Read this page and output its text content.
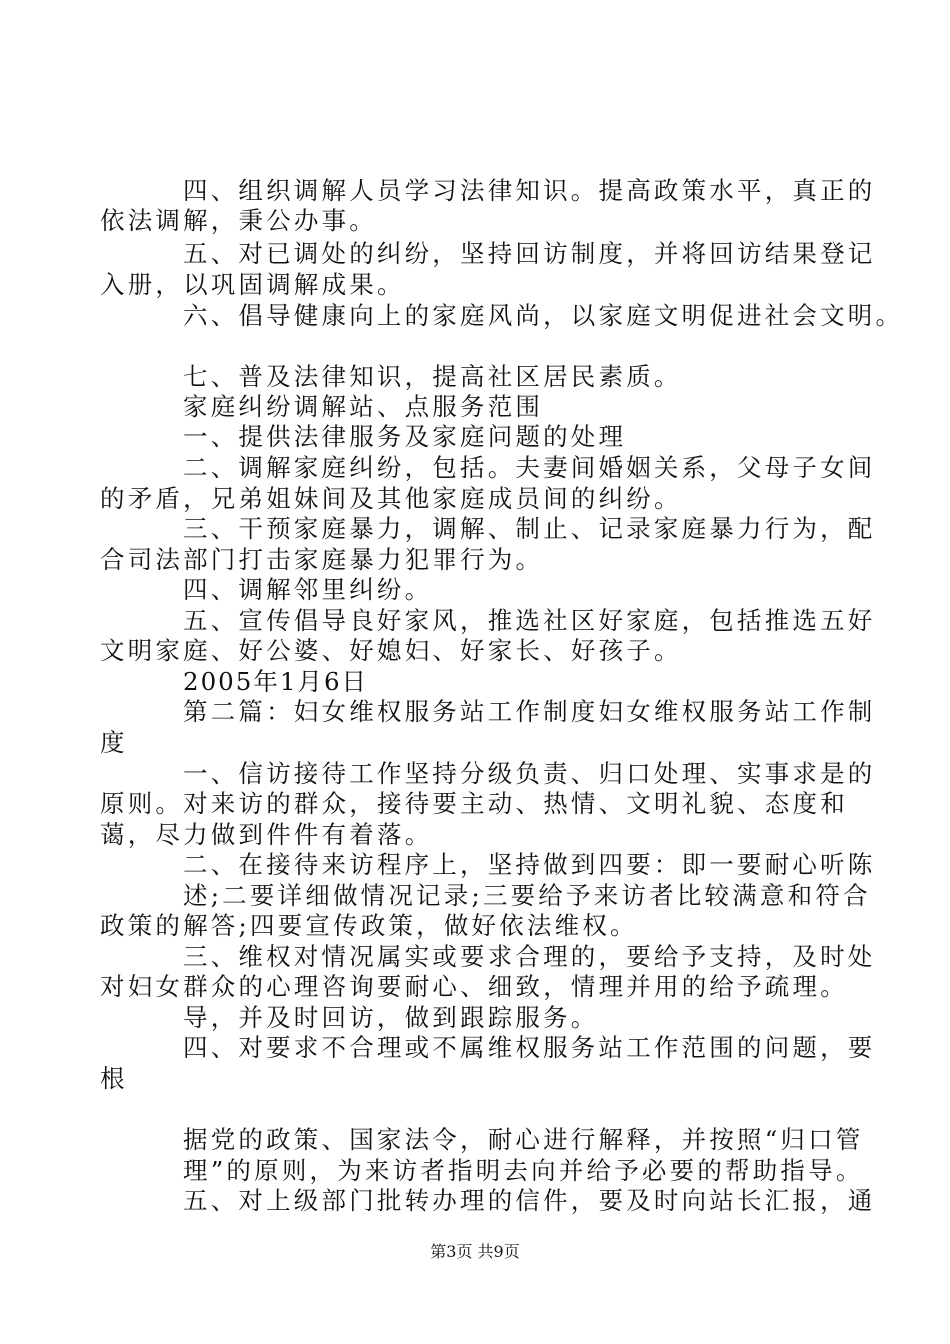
四、组织调解人员学习法律知识。提高政策水平，真正的
依法调解，秉公办事。
五、对已调处的纠纷，坚持回访制度，并将回访结果登记
入册，以巩固调解成果。
六、倡导健康向上的家庭风尚，以家庭文明促进社会文明。
七、普及法律知识，提高社区居民素质。
家庭纠纷调解站、点服务范围
一、提供法律服务及家庭问题的处理
二、调解家庭纠纷，包括。夫妻间婚姻关系，父母子女间
的矛盾，兄弟姐妹间及其他家庭成员间的纠纷。
三、干预家庭暴力，调解、制止、记录家庭暴力行为，配
合司法部门打击家庭暴力犯罪行为。
四、调解邻里纠纷。
五、宣传倡导良好家风，推选社区好家庭，包括推选五好
文明家庭、好公婆、好媳妇、好家长、好孩子。
2005年1月6日
第二篇：妇女维权服务站工作制度妇女维权服务站工作制
度
一、信访接待工作坚持分级负责、归口处理、实事求是的
原则。对来访的群众，接待要主动、热情、文明礼貌、态度和
蔼，尽力做到件件有着落。
二、在接待来访程序上，坚持做到四要：即一要耐心听陈
述;二要详细做情况记录;三要给予来访者比较满意和符合
政策的解答;四要宣传政策，做好依法维权。
三、维权对情况属实或要求合理的，要给予支持，及时处
对妇女群众的心理咨询要耐心、细致，情理并用的给予疏理。
导，并及时回访，做到跟踪服务。
四、对要求不合理或不属维权服务站工作范围的问题，要
根
据党的政策、国家法令，耐心进行解释，并按照“归口管
理”的原则，为来访者指明去向并给予必要的帮助指导。
五、对上级部门批转办理的信件，要及时向站长汇报，通
第3页 共9页
